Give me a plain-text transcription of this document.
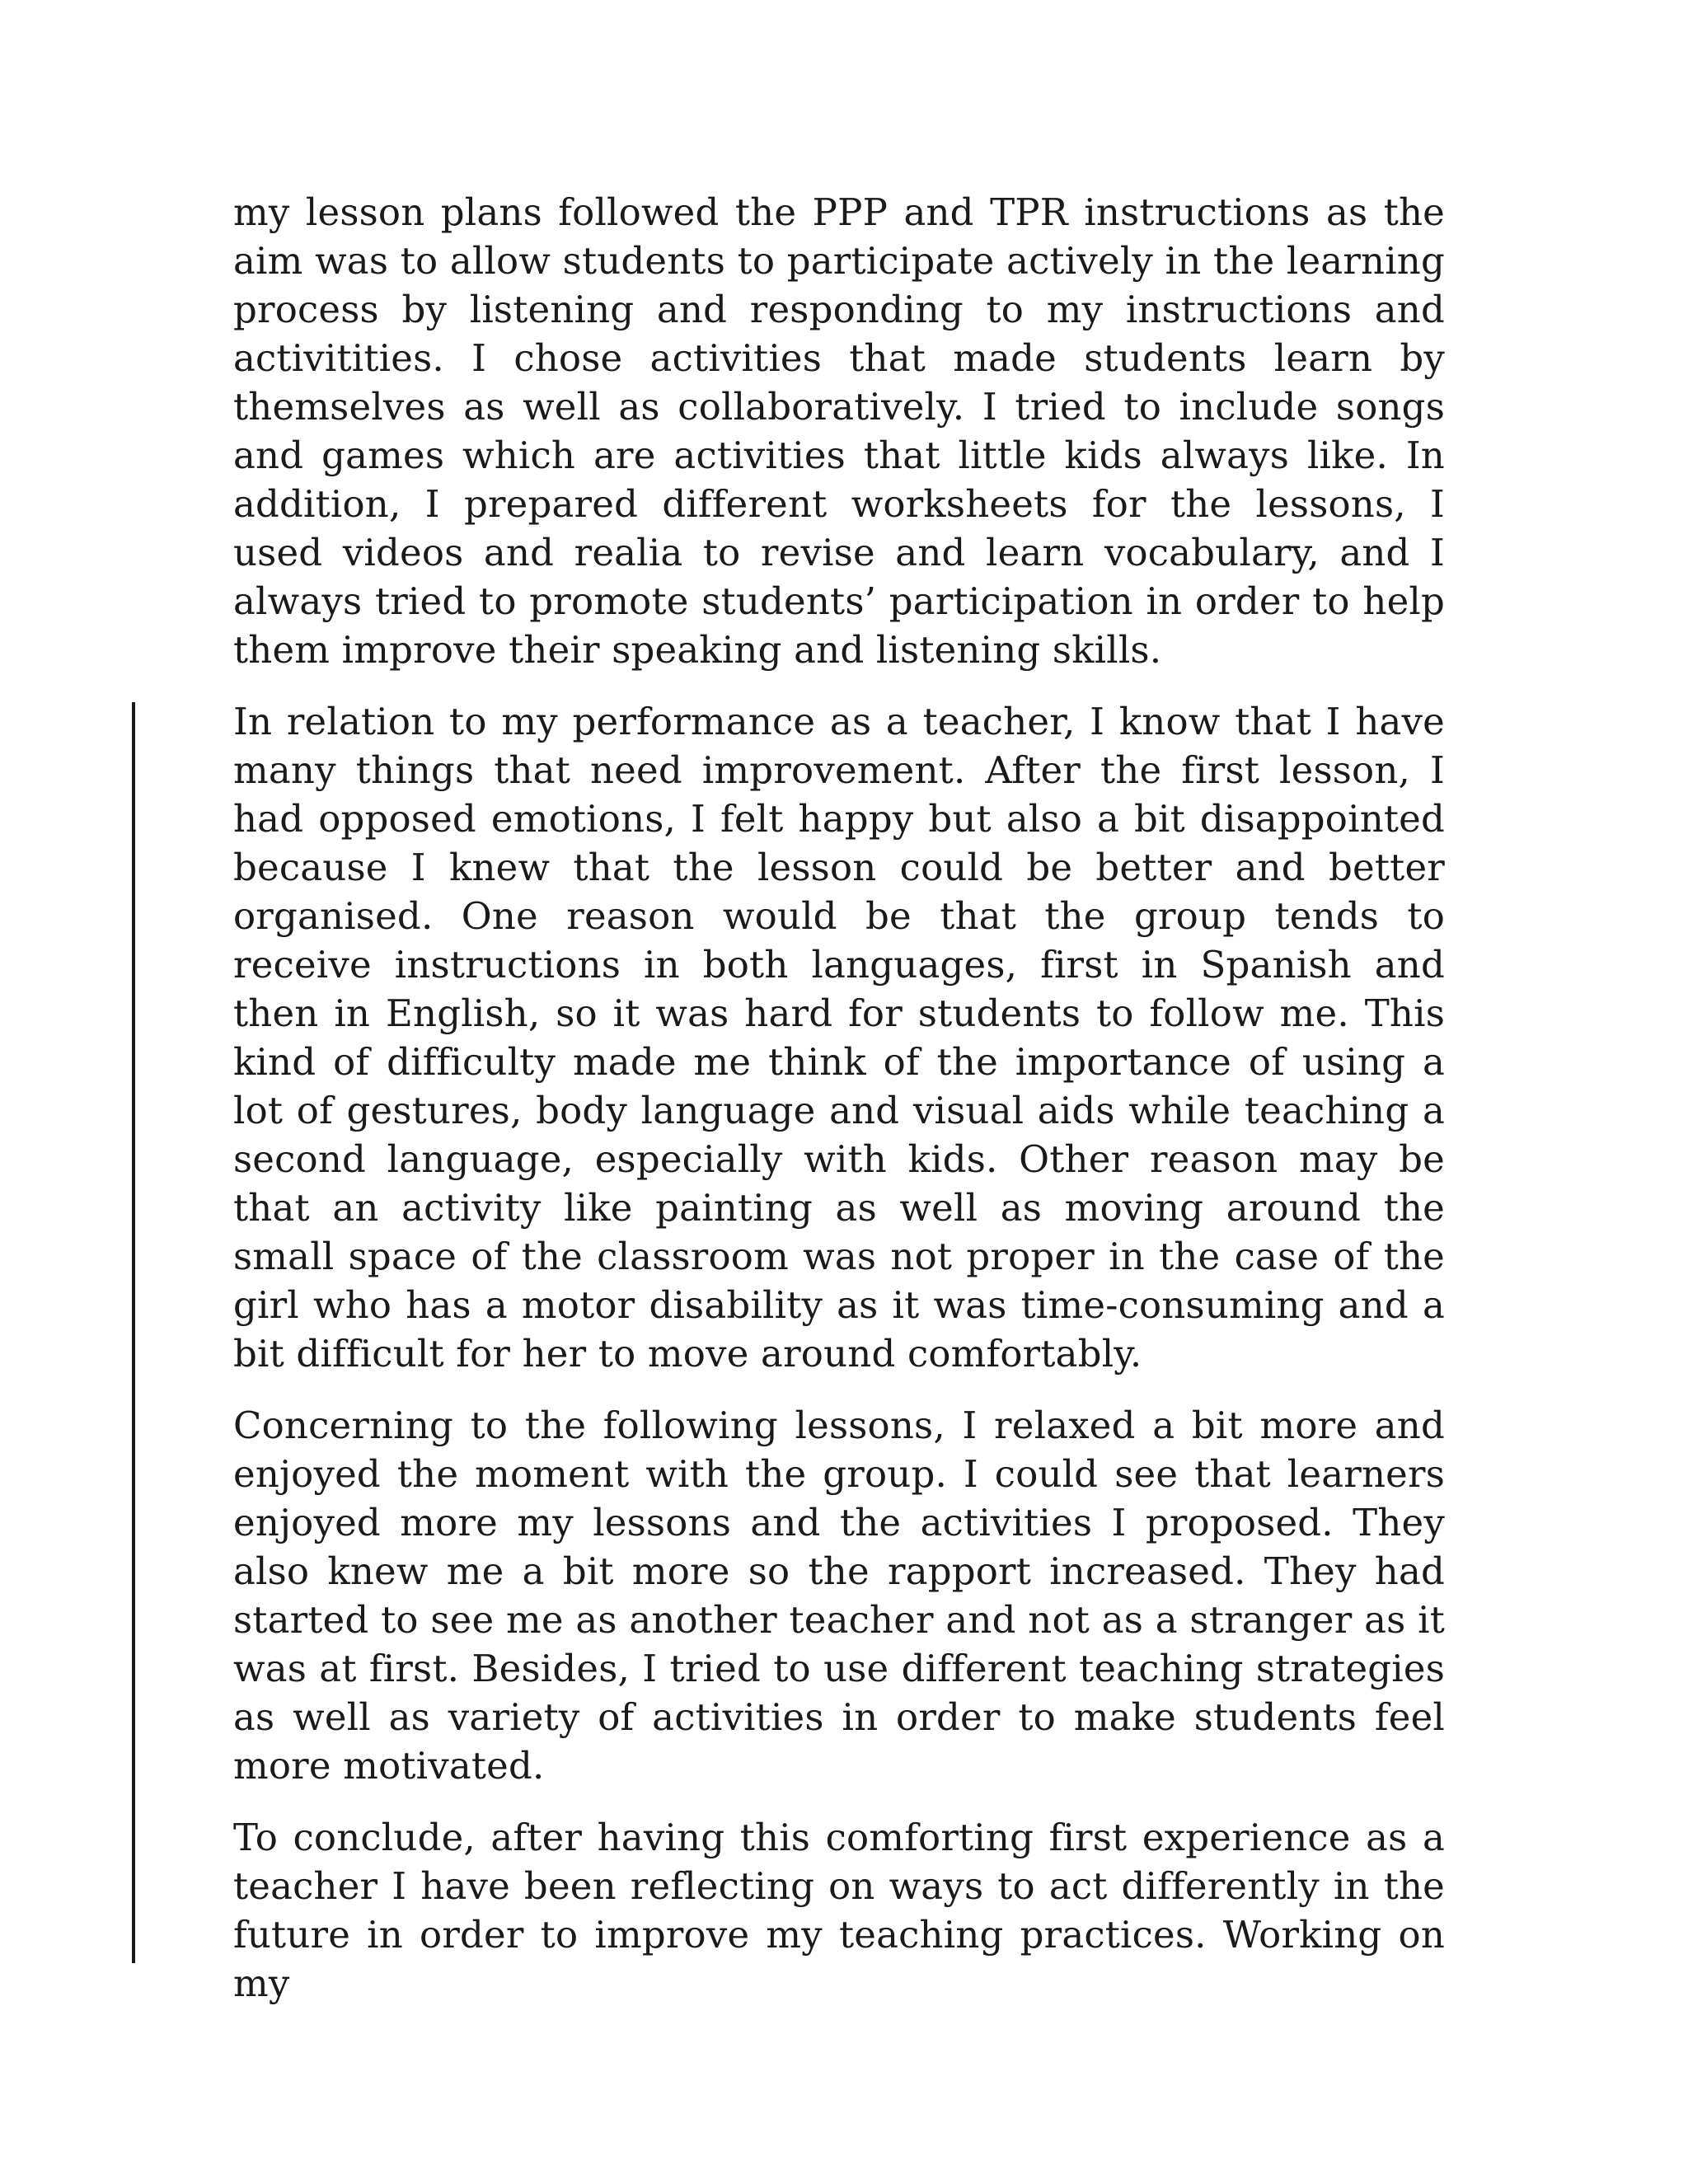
my lesson plans followed the PPP and TPR instructions as the aim was to allow students to participate actively in the learning process by listening and responding to my instructions and activitities. I chose activities that made students learn by themselves as well as collaboratively. I tried to include songs and games which are activities that little kids always like. In addition, I prepared different worksheets for the lessons, I used videos and realia to revise and learn vocabulary, and I always tried to promote students’ participation in order to help them improve their speaking and listening skills.

In relation to my performance as a teacher, I know that I have many things that need improvement. After the first lesson, I had opposed emotions, I felt happy but also a bit disappointed because I knew that the lesson could be better and better organised. One reason would be that the group tends to receive instructions in both languages, first in Spanish and then in English, so it was hard for students to follow me. This kind of difficulty made me think of the importance of using a lot of gestures, body language and visual aids while teaching a second language, especially with kids. Other reason may be that an activity like painting as well as moving around the small space of the classroom was not proper in the case of the girl who has a motor disability as it was time-consuming and a bit difficult for her to move around comfortably.

Concerning to the following lessons, I relaxed a bit more and enjoyed the moment with the group. I could see that learners enjoyed more my lessons and the activities I proposed. They also knew me a bit more so the rapport increased. They had started to see me as another teacher and not as a stranger as it was at first. Besides, I tried to use different teaching strategies as well as variety of activities in order to make students feel more motivated.

To conclude, after having this comforting first experience as a teacher I have been reflecting on ways to act differently in the future in order to improve my teaching practices. Working on my
